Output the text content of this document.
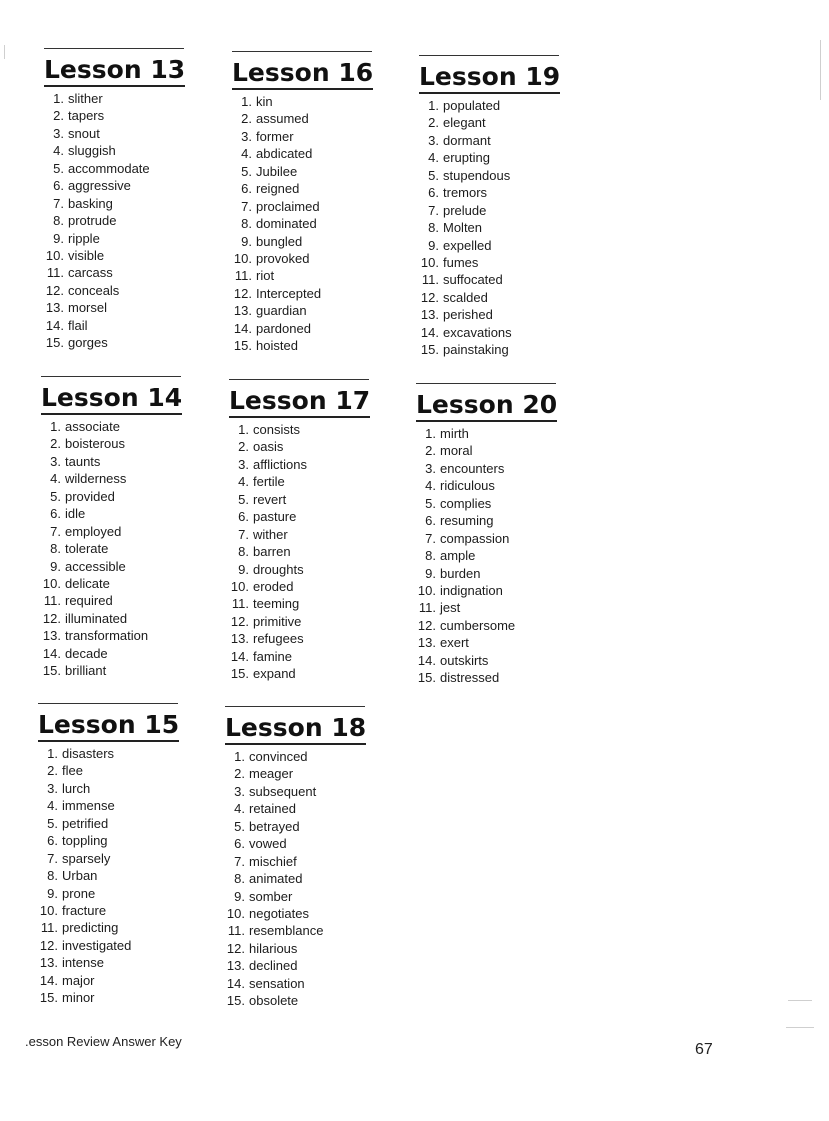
Lesson 13
1. slither
2. tapers
3. snout
4. sluggish
5. accommodate
6. aggressive
7. basking
8. protrude
9. ripple
10. visible
11. carcass
12. conceals
13. morsel
14. flail
15. gorges
Lesson 14
1. associate
2. boisterous
3. taunts
4. wilderness
5. provided
6. idle
7. employed
8. tolerate
9. accessible
10. delicate
11. required
12. illuminated
13. transformation
14. decade
15. brilliant
Lesson 15
1. disasters
2. flee
3. lurch
4. immense
5. petrified
6. toppling
7. sparsely
8. Urban
9. prone
10. fracture
11. predicting
12. investigated
13. intense
14. major
15. minor
Lesson 16
1. kin
2. assumed
3. former
4. abdicated
5. Jubilee
6. reigned
7. proclaimed
8. dominated
9. bungled
10. provoked
11. riot
12. Intercepted
13. guardian
14. pardoned
15. hoisted
Lesson 17
1. consists
2. oasis
3. afflictions
4. fertile
5. revert
6. pasture
7. wither
8. barren
9. droughts
10. eroded
11. teeming
12. primitive
13. refugees
14. famine
15. expand
Lesson 18
1. convinced
2. meager
3. subsequent
4. retained
5. betrayed
6. vowed
7. mischief
8. animated
9. somber
10. negotiates
11. resemblance
12. hilarious
13. declined
14. sensation
15. obsolete
Lesson 19
1. populated
2. elegant
3. dormant
4. erupting
5. stupendous
6. tremors
7. prelude
8. Molten
9. expelled
10. fumes
11. suffocated
12. scalded
13. perished
14. excavations
15. painstaking
Lesson 20
1. mirth
2. moral
3. encounters
4. ridiculous
5. complies
6. resuming
7. compassion
8. ample
9. burden
10. indignation
11. jest
12. cumbersome
13. exert
14. outskirts
15. distressed
.esson Review Answer Key	67
